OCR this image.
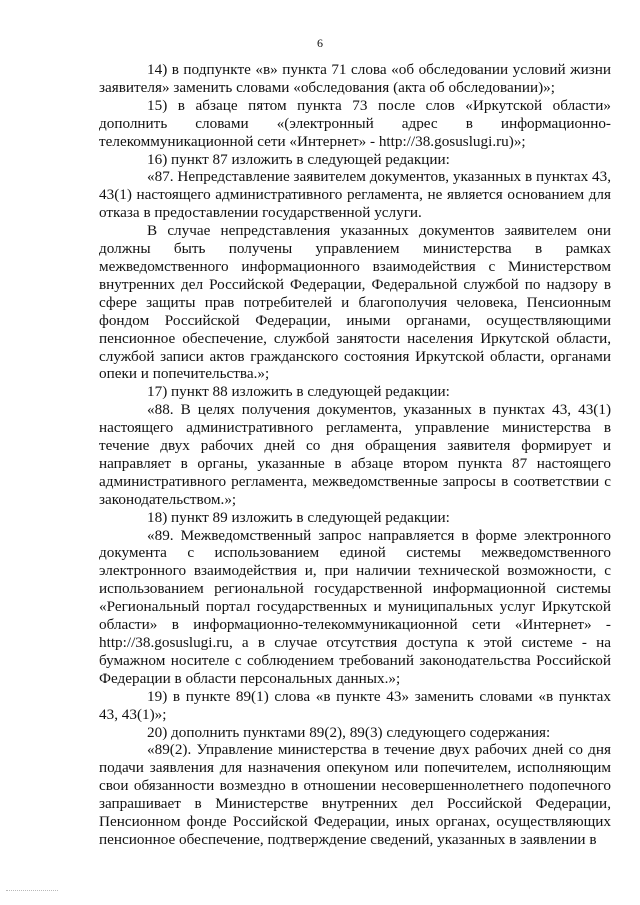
6

14) в подпункте «в» пункта 71 слова «об обследовании условий жизни заявителя» заменить словами «обследования (акта об обследовании)»;

15) в абзаце пятом пункта 73 после слов «Иркутской области» дополнить словами «(электронный адрес в информационно-телекоммуникационной сети «Интернет» - http://38.gosuslugi.ru)»;

16) пункт 87 изложить в следующей редакции:

«87. Непредставление заявителем документов, указанных в пунктах 43, 43(1) настоящего административного регламента, не является основанием для отказа в предоставлении государственной услуги.

В случае непредставления указанных документов заявителем они должны быть получены управлением министерства в рамках межведомственного информационного взаимодействия с Министерством внутренних дел Российской Федерации, Федеральной службой по надзору в сфере защиты прав потребителей и благополучия человека, Пенсионным фондом Российской Федерации, иными органами, осуществляющими пенсионное обеспечение, службой занятости населения Иркутской области, службой записи актов гражданского состояния Иркутской области, органами опеки и попечительства.»;

17) пункт 88 изложить в следующей редакции:

«88. В целях получения документов, указанных в пунктах 43, 43(1) настоящего административного регламента, управление министерства в течение двух рабочих дней со дня обращения заявителя формирует и направляет в органы, указанные в абзаце втором пункта 87 настоящего административного регламента, межведомственные запросы в соответствии с законодательством.»;

18) пункт 89 изложить в следующей редакции:

«89. Межведомственный запрос направляется в форме электронного документа с использованием единой системы межведомственного электронного взаимодействия и, при наличии технической возможности, с использованием региональной государственной информационной системы «Региональный портал государственных и муниципальных услуг Иркутской области» в информационно-телекоммуникационной сети «Интернет» - http://38.gosuslugi.ru, а в случае отсутствия доступа к этой системе - на бумажном носителе с соблюдением требований законодательства Российской Федерации в области персональных данных.»;

19) в пункте 89(1) слова «в пункте 43» заменить словами «в пунктах 43, 43(1)»;

20) дополнить пунктами 89(2), 89(3) следующего содержания:

«89(2). Управление министерства в течение двух рабочих дней со дня подачи заявления для назначения опекуном или попечителем, исполняющим свои обязанности возмездно в отношении несовершеннолетнего подопечного запрашивает в Министерстве внутренних дел Российской Федерации, Пенсионном фонде Российской Федерации, иных органах, осуществляющих пенсионное обеспечение, подтверждение сведений, указанных в заявлении в
